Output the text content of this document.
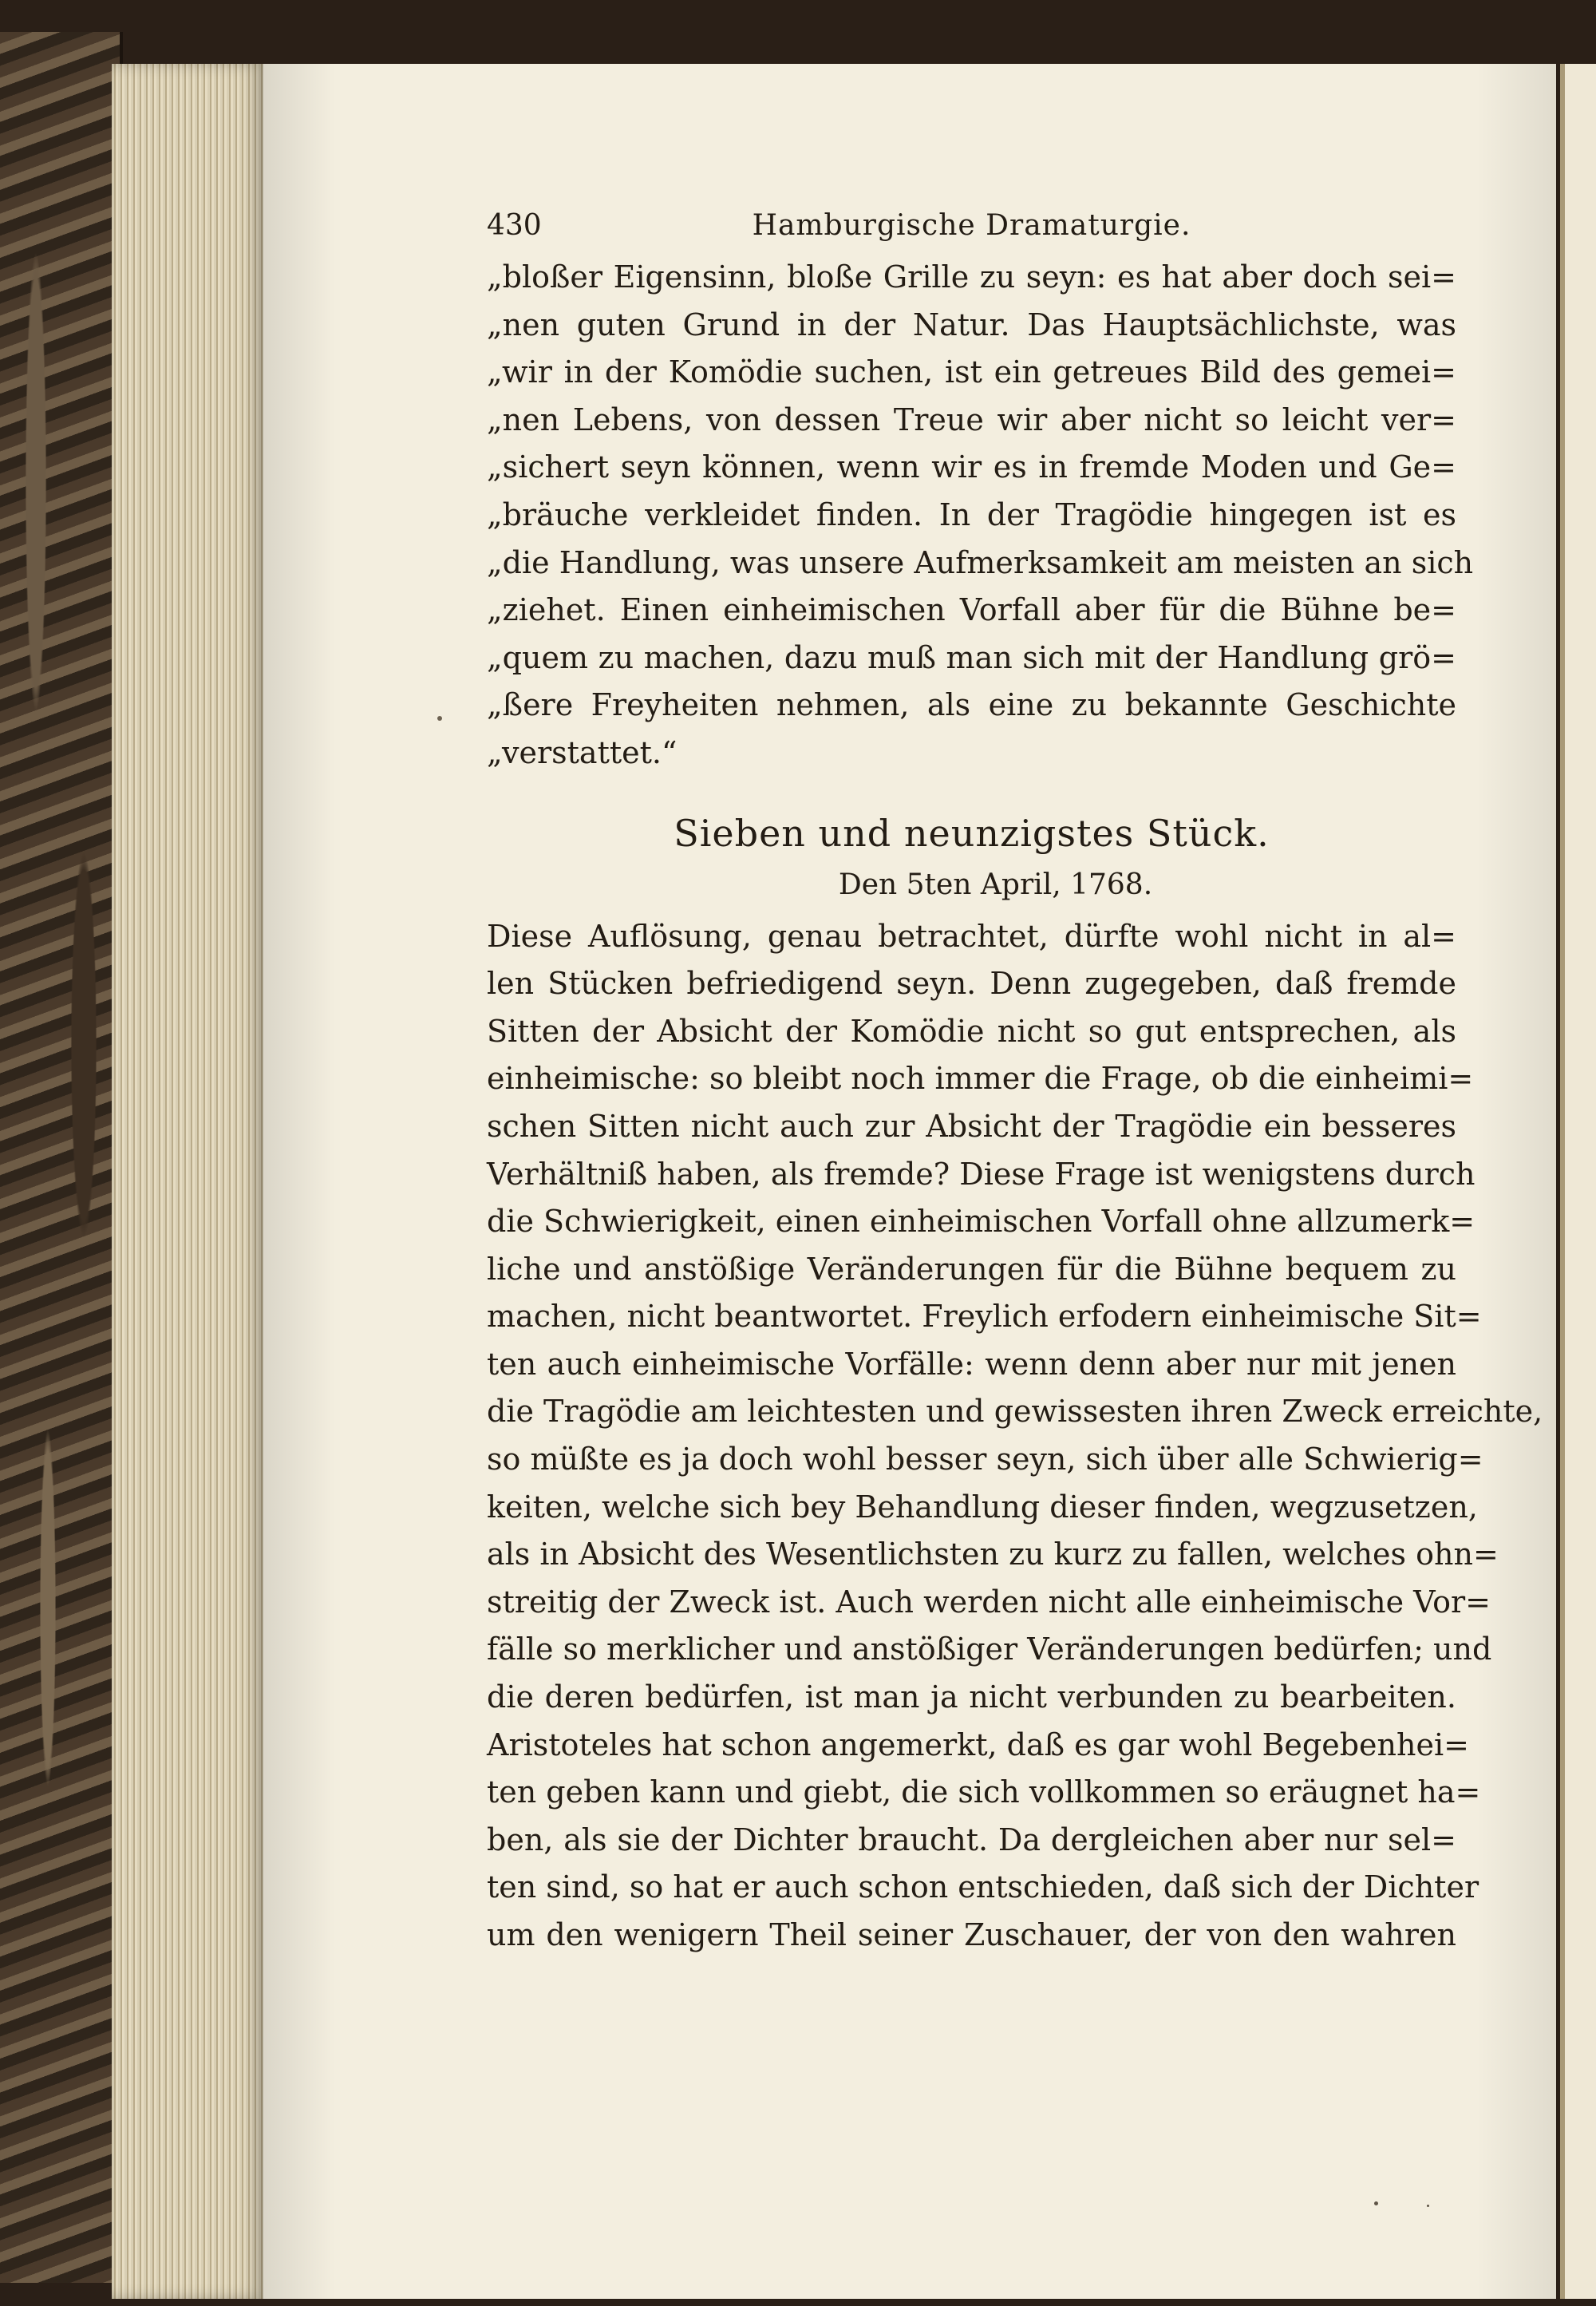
430	Hamburgische Dramaturgie.
„bloßer Eigensinn, bloße Grille zu seyn: es hat aber doch sei=
„nen guten Grund in der Natur. Das Hauptsächlichste, was
„wir in der Komödie suchen, ist ein getreues Bild des gemei=
„nen Lebens, von dessen Treue wir aber nicht so leicht ver=
„sichert seyn können, wenn wir es in fremde Moden und Ge=
„bräuche verkleidet finden. In der Tragödie hingegen ist es
„die Handlung, was unsere Aufmerksamkeit am meisten an sich
„ziehet. Einen einheimischen Vorfall aber für die Bühne be=
„quem zu machen, dazu muß man sich mit der Handlung grö=
„ßere Freyheiten nehmen, als eine zu bekannte Geschichte
„verstattet.“
Sieben und neunzigstes Stück.
Den 5ten April, 1768.
Diese Auflösung, genau betrachtet, dürfte wohl nicht in al=
len Stücken befriedigend seyn. Denn zugegeben, daß fremde
Sitten der Absicht der Komödie nicht so gut entsprechen, als
einheimische: so bleibt noch immer die Frage, ob die einheimi=
schen Sitten nicht auch zur Absicht der Tragödie ein besseres
Verhältniß haben, als fremde? Diese Frage ist wenigstens durch
die Schwierigkeit, einen einheimischen Vorfall ohne allzumerk=
liche und anstößige Veränderungen für die Bühne bequem zu
machen, nicht beantwortet. Freylich erfodern einheimische Sit=
ten auch einheimische Vorfälle: wenn denn aber nur mit jenen
die Tragödie am leichtesten und gewissesten ihren Zweck erreichte,
so müßte es ja doch wohl besser seyn, sich über alle Schwierig=
keiten, welche sich bey Behandlung dieser finden, wegzusetzen,
als in Absicht des Wesentlichsten zu kurz zu fallen, welches ohn=
streitig der Zweck ist. Auch werden nicht alle einheimische Vor=
fälle so merklicher und anstößiger Veränderungen bedürfen; und
die deren bedürfen, ist man ja nicht verbunden zu bearbeiten.
Aristoteles hat schon angemerkt, daß es gar wohl Begebenhei=
ten geben kann und giebt, die sich vollkommen so eräugnet ha=
ben, als sie der Dichter braucht. Da dergleichen aber nur sel=
ten sind, so hat er auch schon entschieden, daß sich der Dichter
um den wenigern Theil seiner Zuschauer, der von den wahren
